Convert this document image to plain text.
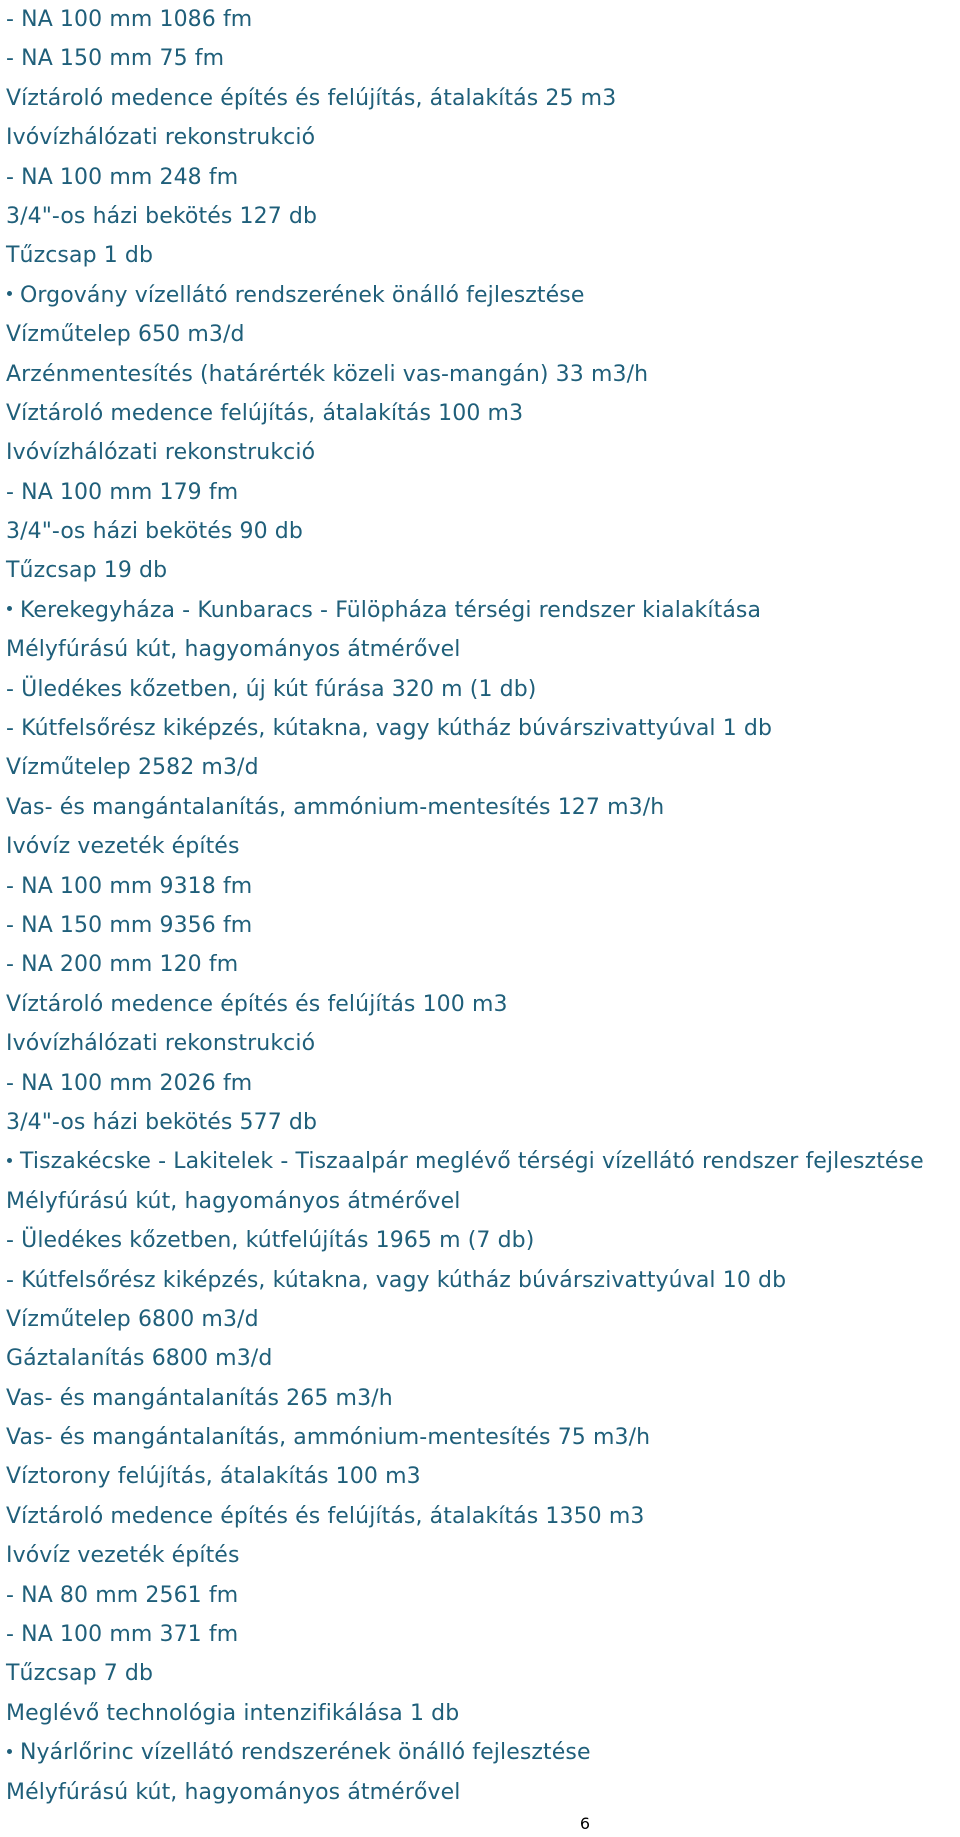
- NA 100 mm 1086 fm
- NA 150 mm 75 fm
Víztároló medence építés és felújítás, átalakítás 25 m3
Ivóvízhálózati rekonstrukció
- NA 100 mm 248 fm
3/4"-os házi bekötés 127 db
Tűzcsap 1 db
Orgovány vízellátó rendszerének önálló fejlesztése
Vízműtelep 650 m3/d
Arzénmentesítés (határérték közeli vas-mangán) 33 m3/h
Víztároló medence felújítás, átalakítás 100 m3
Ivóvízhálózati rekonstrukció
- NA 100 mm 179 fm
3/4"-os házi bekötés 90 db
Tűzcsap 19 db
Kerekegyháza - Kunbaracs - Fülöpháza térségi rendszer kialakítása
Mélyfúrású kút, hagyományos átmérővel
- Üledékes kőzetben, új kút fúrása 320 m (1 db)
- Kútfelsőrész kiképzés, kútakna, vagy kútház búvárszivattyúval 1 db
Vízműtelep 2582 m3/d
Vas- és mangántalanítás, ammónium-mentesítés 127 m3/h
Ivóvíz vezeték építés
- NA 100 mm 9318 fm
- NA 150 mm 9356 fm
- NA 200 mm 120 fm
Víztároló medence építés és felújítás 100 m3
Ivóvízhálózati rekonstrukció
- NA 100 mm 2026 fm
3/4"-os házi bekötés 577 db
Tiszakécske - Lakitelek - Tiszaalpár meglévő térségi vízellátó rendszer fejlesztése
Mélyfúrású kút, hagyományos átmérővel
- Üledékes kőzetben, kútfelújítás 1965 m (7 db)
- Kútfelsőrész kiképzés, kútakna, vagy kútház búvárszivattyúval 10 db
Vízműtelep 6800 m3/d
Gáztalanítás 6800 m3/d
Vas- és mangántalanítás 265 m3/h
Vas- és mangántalanítás, ammónium-mentesítés 75 m3/h
Víztorony felújítás, átalakítás 100 m3
Víztároló medence építés és felújítás, átalakítás 1350 m3
Ivóvíz vezeték építés
- NA 80 mm 2561 fm
- NA 100 mm 371 fm
Tűzcsap 7 db
Meglévő technológia intenzifikálása 1 db
Nyárlőrinc vízellátó rendszerének önálló fejlesztése
Mélyfúrású kút, hagyományos átmérővel
6
